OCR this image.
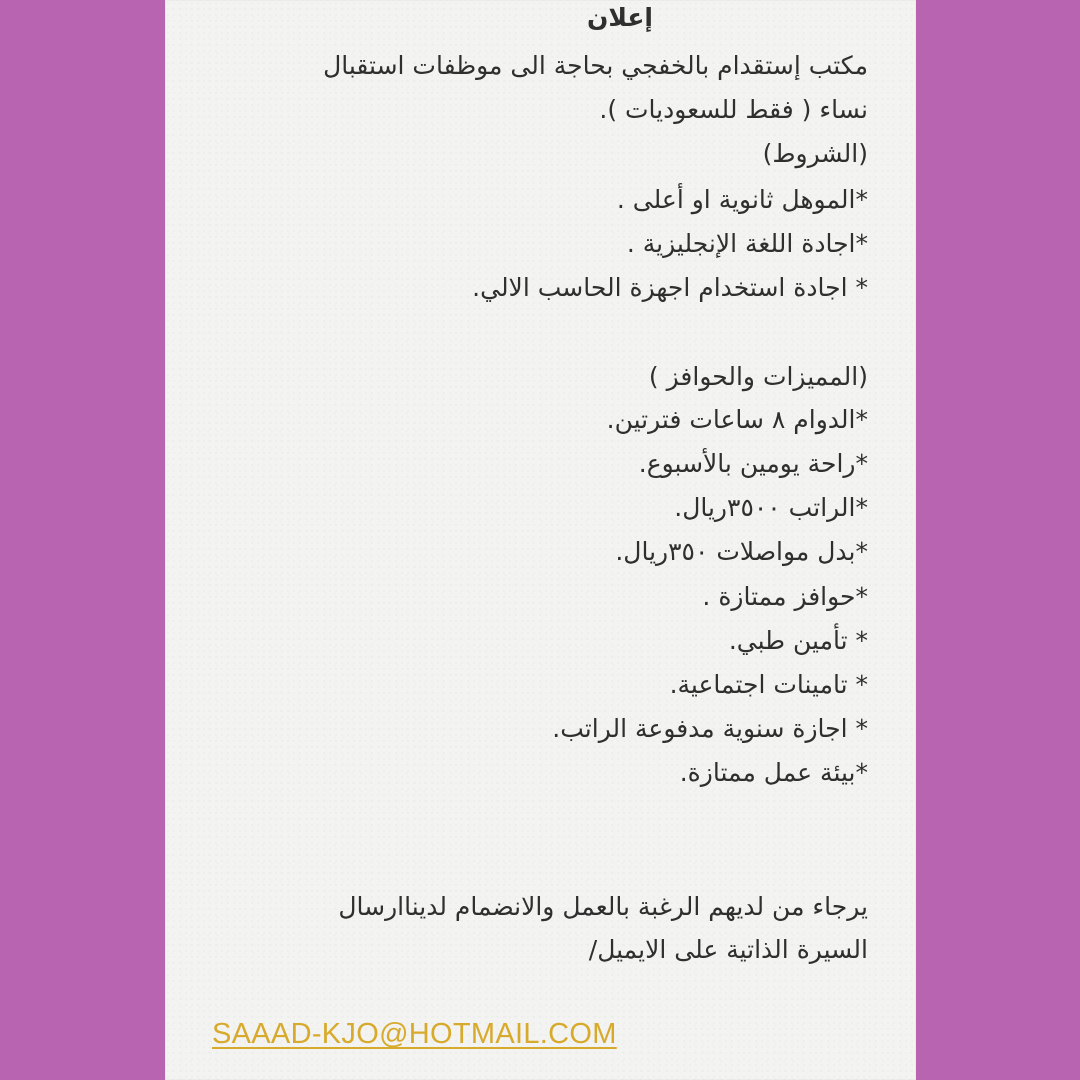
إعلان
مكتب إستقدام بالخفجي بحاجة الى موظفات استقبال
نساء ( فقط للسعوديات ).
(الشروط)
*الموهل ثانوية او أعلى .
*اجادة اللغة الإنجليزية .
* اجادة استخدام اجهزة الحاسب الالي.
(المميزات والحوافز )
*الدوام ٨ ساعات فترتين.
*راحة يومين بالأسبوع.
*الراتب ٣٥٠٠ريال.
*بدل مواصلات ٣٥٠ريال.
*حوافز ممتازة .
* تأمين طبي.
* تامينات اجتماعية.
* اجازة سنوية مدفوعة الراتب.
*بيئة عمل ممتازة.
يرجاء من لديهم الرغبة بالعمل والانضمام لديناارسال
السيرة الذاتية على الايميل/
SAAAD-KJO@HOTMAIL.COM
